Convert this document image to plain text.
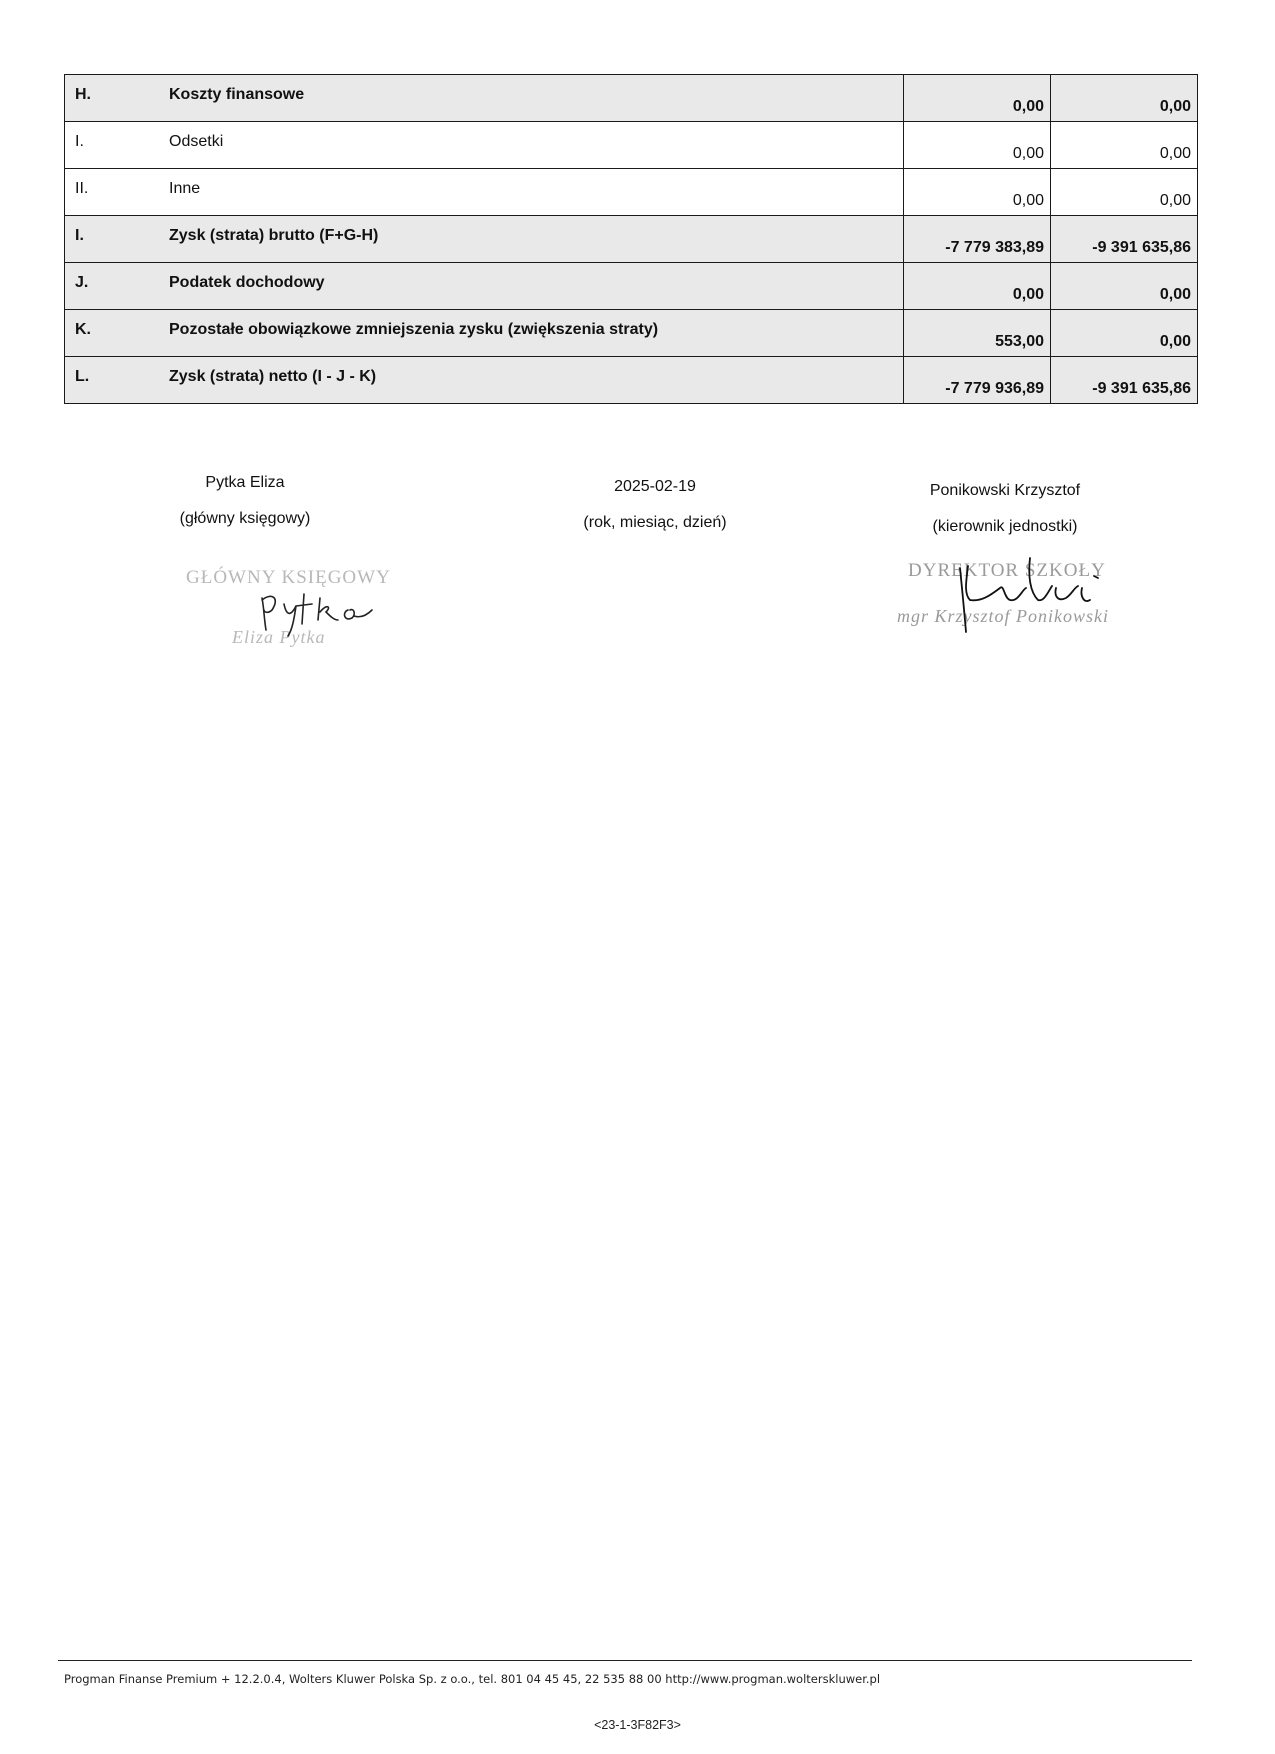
H.	Koszty finansowe	0,00	0,00
I.	Odsetki	0,00	0,00
II.	Inne	0,00	0,00
I.	Zysk (strata) brutto (F+G-H)	-7 779 383,89	-9 391 635,86
J.	Podatek dochodowy	0,00	0,00
K.	Pozostałe obowiązkowe zmniejszenia zysku (zwiększenia straty)	553,00	0,00
L.	Zysk (strata) netto (I - J - K)	-7 779 936,89	-9 391 635,86
Pytka Eliza
(główny księgowy)
2025-02-19
(rok, miesiąc, dzień)
Ponikowski Krzysztof
(kierownik jednostki)
GŁÓWNY KSIĘGOWY
Eliza Pytka
DYREKTOR SZKOŁY
mgr Krzysztof Ponikowski
Progman Finanse Premium + 12.2.0.4, Wolters Kluwer Polska Sp. z o.o., tel. 801 04 45 45, 22 535 88 00 http://www.progman.wolterskluwer.pl
<23-1-3F82F3>
